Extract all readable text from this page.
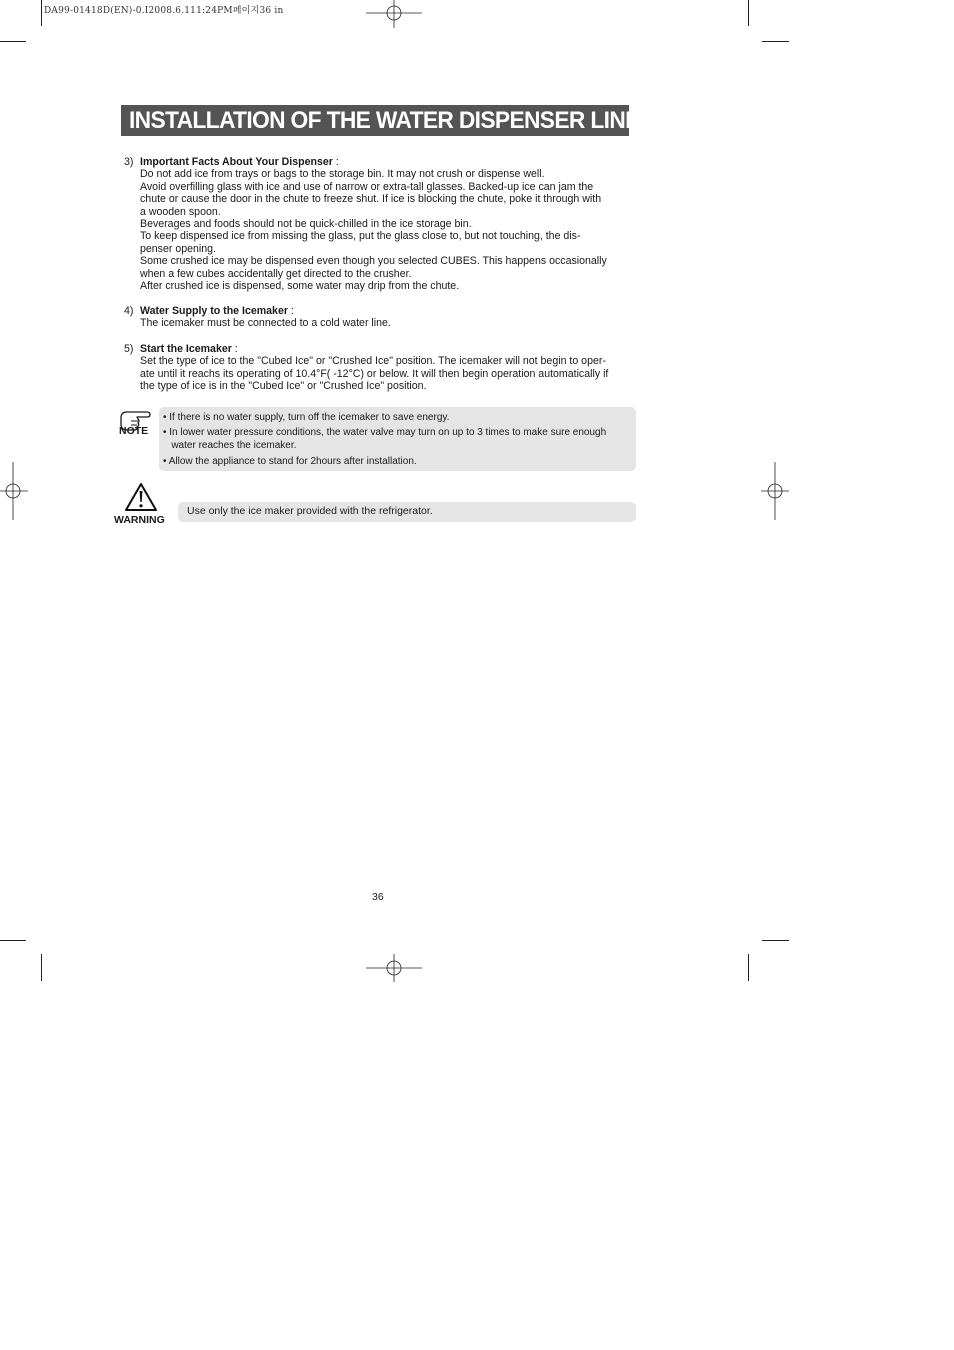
DA99-01418D(EN)-0.I2008.6.111:24PM페이지36 in
INSTALLATION OF THE WATER DISPENSER LINE
3) Important Facts About Your Dispenser :
Do not add ice from trays or bags to the storage bin. It may not crush or dispense well.
Avoid overfilling glass with ice and use of narrow or extra-tall glasses. Backed-up ice can jam the
chute or cause the door in the chute to freeze shut. If ice is blocking the chute, poke it through with
a wooden spoon.
Beverages and foods should not be quick-chilled in the ice storage bin.
To keep dispensed ice from missing the glass, put the glass close to, but not touching, the dis-
penser opening.
Some crushed ice may be dispensed even though you selected CUBES. This happens occasionally
when a few cubes accidentally get directed to the crusher.
After crushed ice is dispensed, some water may drip from the chute.
4) Water Supply to the Icemaker :
The icemaker must be connected to a cold water line.
5) Start the Icemaker :
Set the type of ice to the "Cubed Ice" or "Crushed Ice" position. The icemaker will not begin to oper-
ate until it reachs its operating of 10.4°F( -12°C) or below. It will then begin operation automatically if
the type of ice is in the "Cubed Ice" or "Crushed Ice" position.
NOTE
• If there is no water supply, turn off the icemaker to save energy.
• In lower water pressure conditions, the water valve may turn on up to 3 times to make sure enough
water reaches the icemaker.
• Allow the appliance to stand for 2hours after installation.
WARNING
Use only the ice maker provided with the refrigerator.
36
